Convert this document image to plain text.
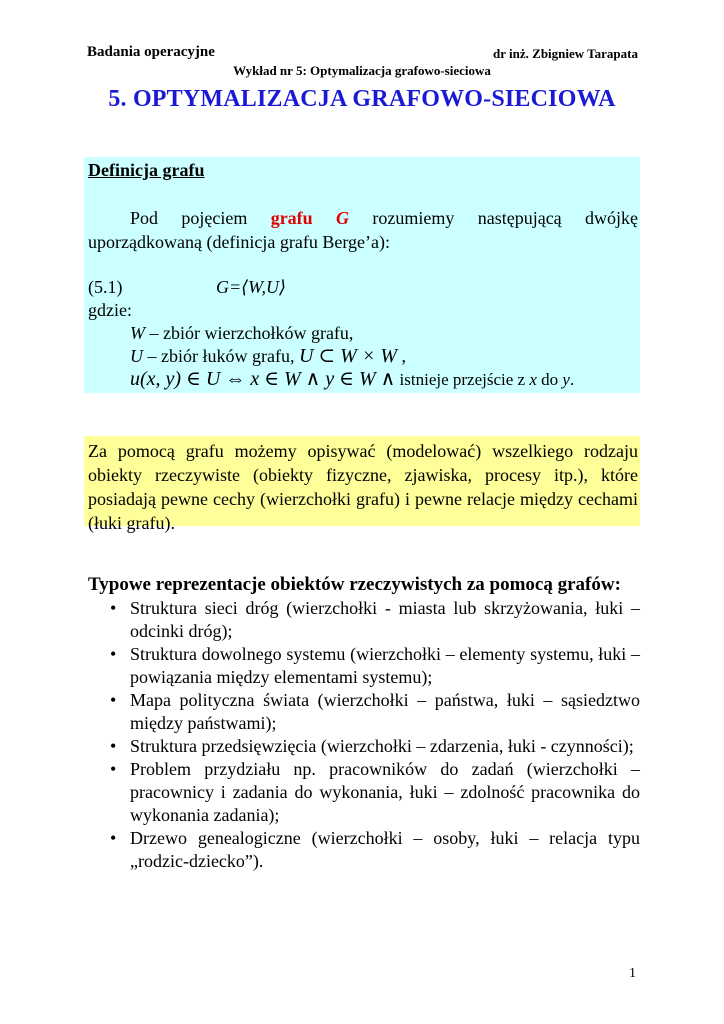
Badania operacyjne	dr inż. Zbigniew Tarapata
Wykład nr 5: Optymalizacja grafowo-sieciowa
5. OPTYMALIZACJA GRAFOWO-SIECIOWA
Definicja grafu
Pod pojęciem grafu G rozumiemy następującą dwójkę uporządkowaną (definicja grafu Berge’a):
(5.1)	G=⟨W,U⟩
gdzie:
W – zbiór wierzchołków grafu,
U – zbiór łuków grafu, U ⊂ W × W ,
u(x, y) ∈ U ⇔ x ∈ W ∧ y ∈ W ∧ istnieje przejście z x do y.
Za pomocą grafu możemy opisywać (modelować) wszelkiego rodzaju obiekty rzeczywiste (obiekty fizyczne, zjawiska, procesy itp.), które posiadają pewne cechy (wierzchołki grafu) i pewne relacje między cechami (łuki grafu).
Typowe reprezentacje obiektów rzeczywistych za pomocą grafów:
• Struktura sieci dróg (wierzchołki - miasta lub skrzyżowania, łuki – odcinki dróg);
• Struktura dowolnego systemu (wierzchołki – elementy systemu, łuki – powiązania między elementami systemu);
• Mapa polityczna świata (wierzchołki – państwa, łuki – sąsiedztwo między państwami);
• Struktura przedsięwzięcia (wierzchołki – zdarzenia, łuki - czynności);
• Problem przydziału np. pracowników do zadań (wierzchołki – pracownicy i zadania do wykonania, łuki – zdolność pracownika do wykonania zadania);
• Drzewo genealogiczne (wierzchołki – osoby, łuki – relacja typu „rodzic-dziecko”).
1
